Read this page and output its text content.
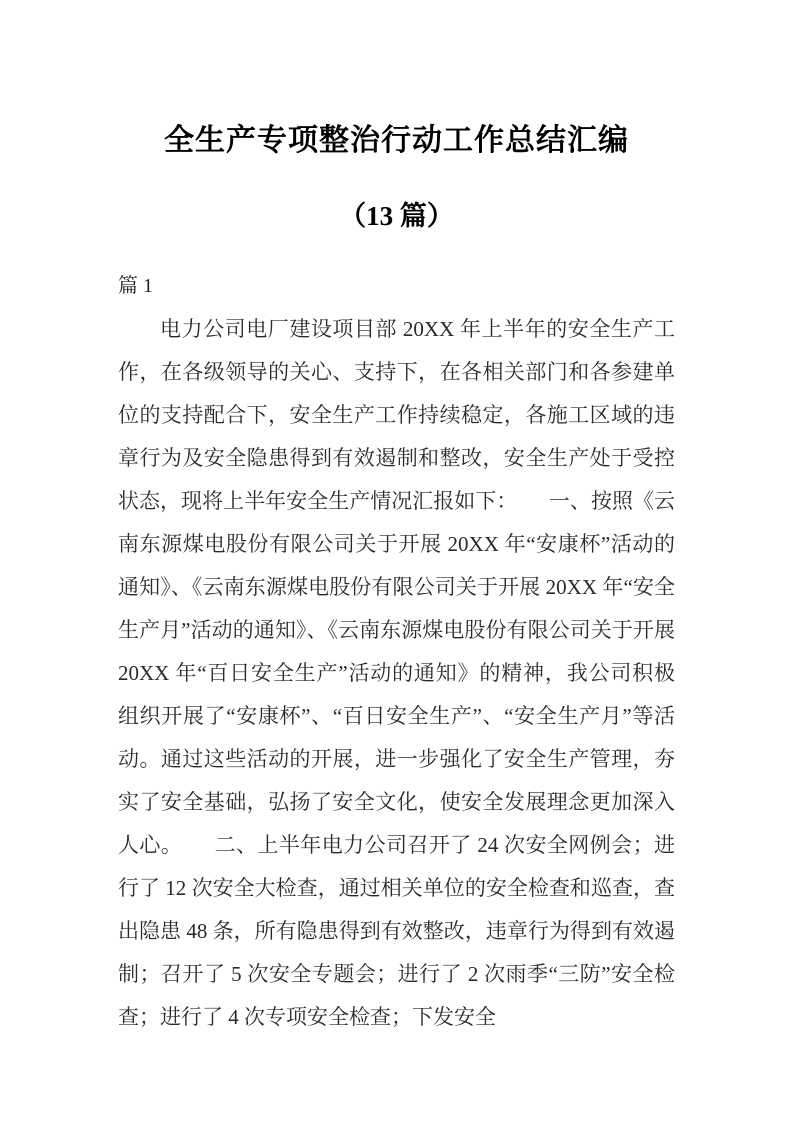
全生产专项整治行动工作总结汇编
（13 篇）
篇 1

电力公司电厂建设项目部 20XX 年上半年的安全生产工作，在各级领导的关心、支持下，在各相关部门和各参建单位的支持配合下，安全生产工作持续稳定，各施工区域的违章行为及安全隐患得到有效遏制和整改，安全生产处于受控状态，现将上半年安全生产情况汇报如下：　　一、按照《云南东源煤电股份有限公司关于开展 20XX 年“安康杯”活动的通知》、《云南东源煤电股份有限公司关于开展 20XX 年“安全生产月”活动的通知》、《云南东源煤电股份有限公司关于开展 20XX 年“百日安全生产”活动的通知》的精神，我公司积极组织开展了“安康杯”、“百日安全生产”、“安全生产月”等活动。通过这些活动的开展，进一步强化了安全生产管理，夯实了安全基础，弘扬了安全文化，使安全发展理念更加深入人心。　　二、上半年电力公司召开了 24 次安全网例会；进行了 12 次安全大检查，通过相关单位的安全检查和巡查，查出隐患 48 条，所有隐患得到有效整改，违章行为得到有效遏制；召开了 5 次安全专题会；进行了 2 次雨季“三防”安全检查；进行了 4 次专项安全检查；下发安全
